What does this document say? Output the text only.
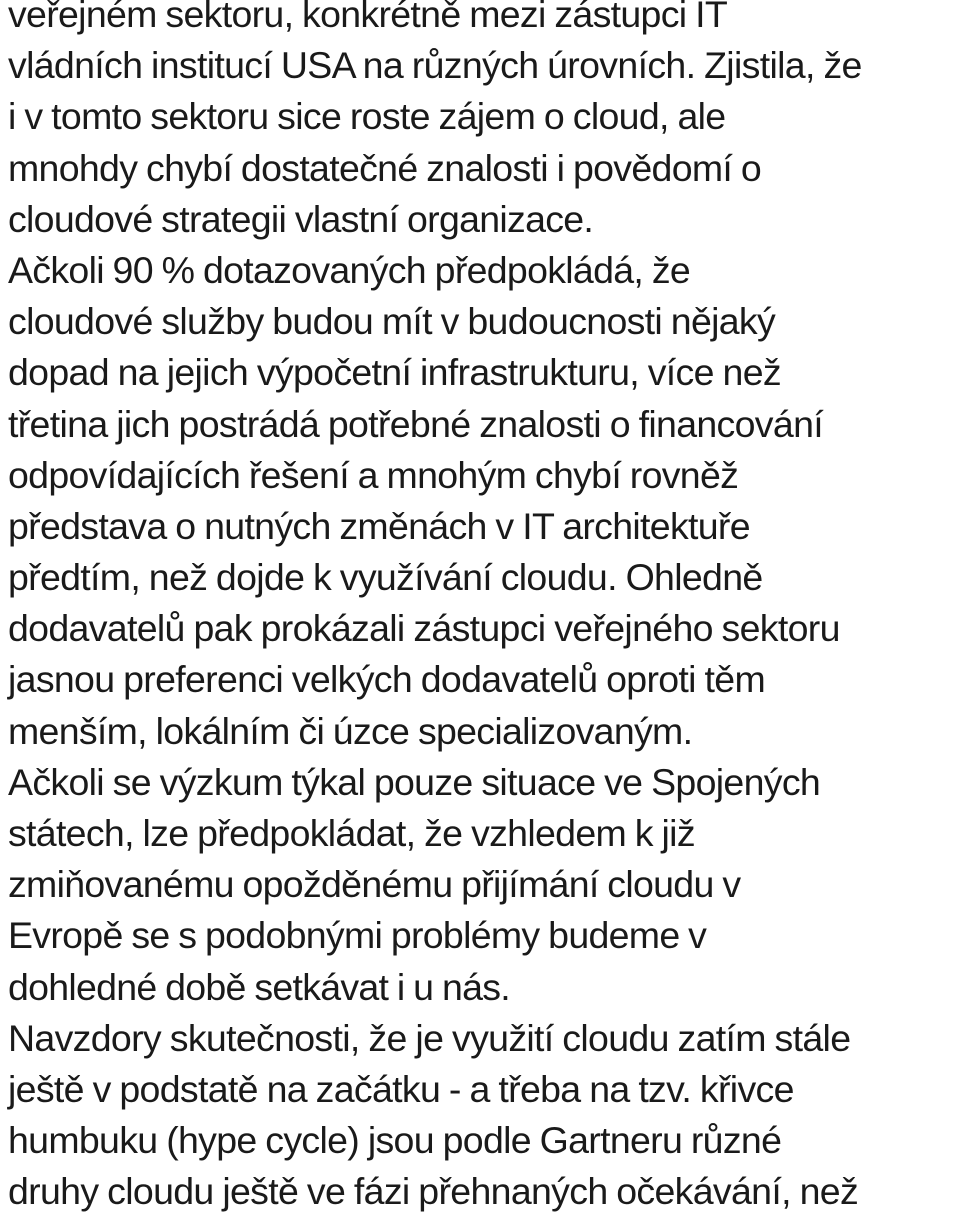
veřejném sektoru, konkrétně mezi zástupci IT
vládních institucí USA na různých úrovních. Zjistila, že
i v tomto sektoru sice roste zájem o cloud, ale
mnohdy chybí dostatečné znalosti i povědomí o
cloudové strategii vlastní organizace.
Ačkoli 90 % dotazovaných předpokládá, že
cloudové služby budou mít v budoucnosti nějaký
dopad na jejich výpočetní infrastrukturu, více než
třetina jich postrádá potřebné znalosti o financování
odpovídajících řešení a mnohým chybí rovněž
představa o nutných změnách v IT architektuře
předtím, než dojde k využívání cloudu. Ohledně
dodavatelů pak prokázali zástupci veřejného sektoru
jasnou preferenci velkých dodavatelů oproti těm
menším, lokálním či úzce specializovaným.
Ačkoli se výzkum týkal pouze situace ve Spojených
státech, lze předpokládat, že vzhledem k již
zmiňovanému opožděnému přijímání cloudu v
Evropě se s podobnými problémy budeme v
dohledné době setkávat i u nás.
Navzdory skutečnosti, že je využití cloudu zatím stále
ještě v podstatě na začátku - a třeba na tzv. křivce
humbuku (hype cycle) jsou podle Gartneru různé
druhy cloudu ještě ve fázi přehnaných očekávání, než
